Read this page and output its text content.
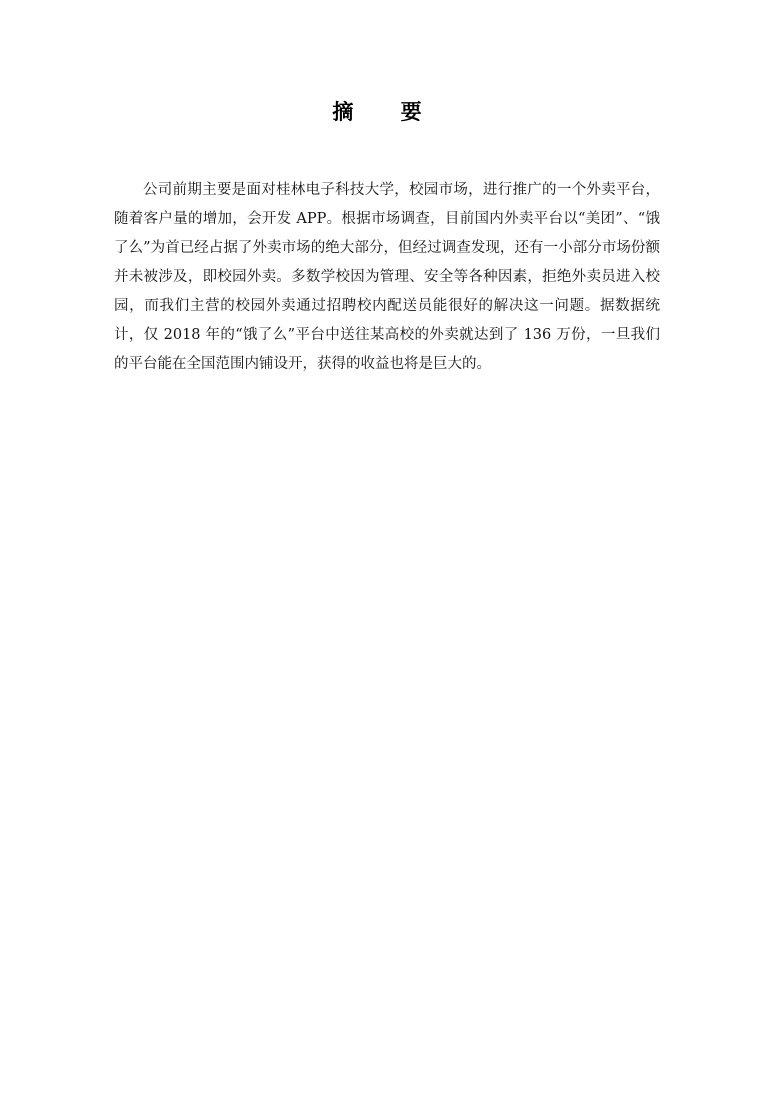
摘 要

公司前期主要是面对桂林电子科技大学，校园市场，进行推广的一个外卖平台，随着客户量的增加，会开发 APP。根据市场调查，目前国内外卖平台以“美团”、“饿了么”为首已经占据了外卖市场的绝大部分，但经过调查发现，还有一小部分市场份额并未被涉及，即校园外卖。多数学校因为管理、安全等各种因素，拒绝外卖员进入校园，而我们主营的校园外卖通过招聘校内配送员能很好的解决这一问题。据数据统计，仅 2018 年的“饿了么”平台中送往某高校的外卖就达到了 136 万份，一旦我们的平台能在全国范围内铺设开，获得的收益也将是巨大的。
